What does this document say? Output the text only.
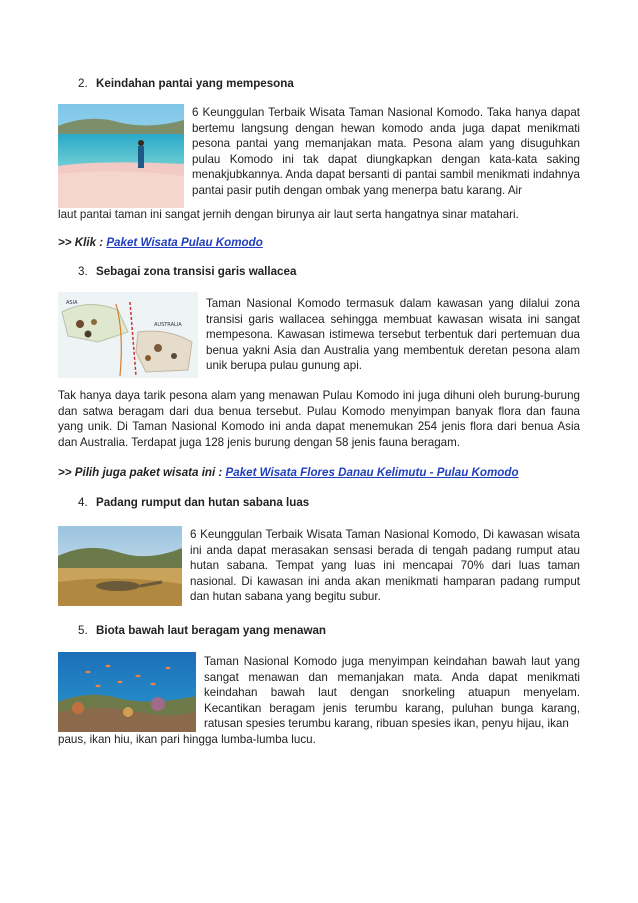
2. Keindahan pantai yang mempesona
6 Keunggulan Terbaik Wisata Taman Nasional Komodo. Taka hanya dapat bertemu langsung dengan hewan komodo anda juga dapat menikmati pesona pantai yang memanjakan mata. Pesona alam yang disuguhkan pulau Komodo ini tak dapat diungkapkan dengan kata-kata saking menakjubkannya. Anda dapat bersanti di pantai sambil menikmati indahnya pantai pasir putih dengan ombak yang menerpa batu karang. Air
laut pantai taman ini sangat jernih dengan birunya air laut serta hangatnya sinar matahari.
>> Klik : Paket Wisata Pulau Komodo
3. Sebagai zona transisi garis wallacea
ASIA
AUSTRALIA
Taman Nasional Komodo termasuk dalam kawasan yang dilalui zona transisi garis wallacea sehingga membuat kawasan wisata ini sangat mempesona. Kawasan istimewa tersebut terbentuk dari pertemuan dua benua yakni Asia dan Australia yang membentuk deretan pesona alam unik berupa pulau gunung api.
Tak hanya daya tarik pesona alam yang menawan Pulau Komodo ini juga dihuni oleh burung-burung dan satwa beragam dari dua benua tersebut. Pulau Komodo menyimpan banyak flora dan fauna yang unik. Di Taman Nasional Komodo ini anda dapat menemukan 254 jenis flora dari benua Asia dan Australia. Terdapat juga 128 jenis burung dengan 58 jenis fauna beragam.
>> Pilih juga paket wisata ini : Paket Wisata Flores Danau Kelimutu - Pulau Komodo
4. Padang rumput dan hutan sabana luas
6 Keunggulan Terbaik Wisata Taman Nasional Komodo, Di kawasan wisata ini anda dapat merasakan sensasi berada di tengah padang rumput atau hutan sabana. Tempat yang luas ini mencapai 70% dari luas taman nasional. Di kawasan ini anda akan menikmati hamparan padang rumput dan hutan sabana yang begitu subur.
5. Biota bawah laut beragam yang menawan
Taman Nasional Komodo juga menyimpan keindahan bawah laut yang sangat menawan dan memanjakan mata. Anda dapat menikmati keindahan bawah laut dengan snorkeling atuapun menyelam. Kecantikan beragam jenis terumbu karang, puluhan bunga karang, ratusan spesies terumbu karang, ribuan spesies ikan, penyu hijau, ikan
paus, ikan hiu, ikan pari hingga lumba-lumba lucu.
